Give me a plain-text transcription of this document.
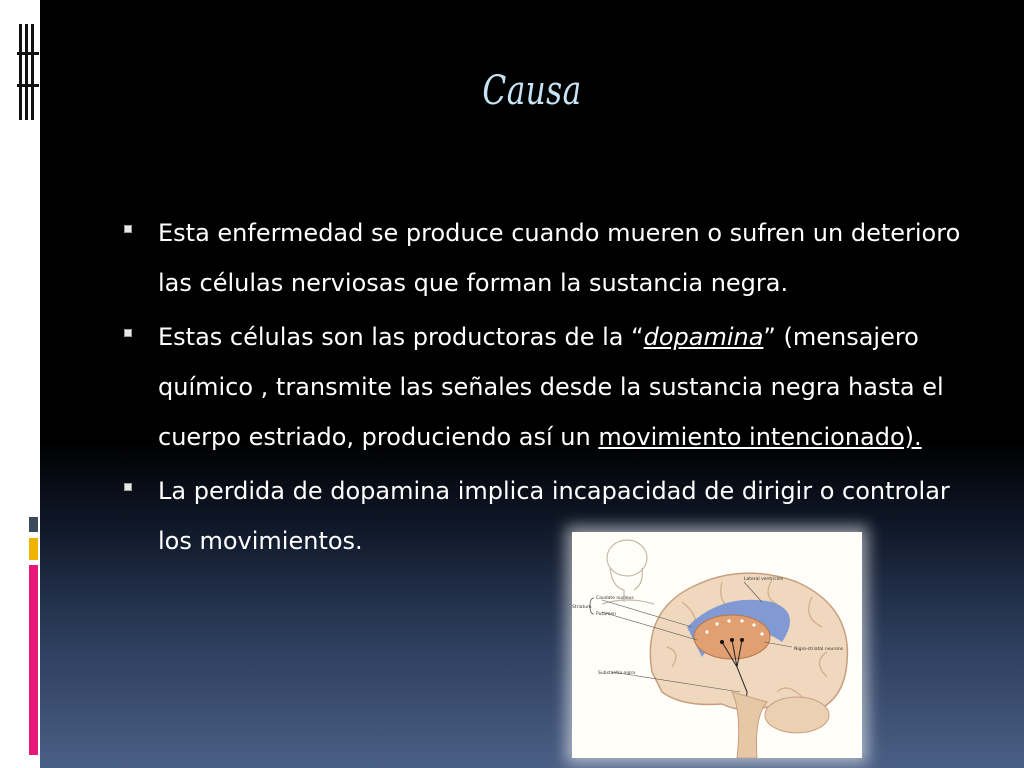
Causa
Esta enfermedad se produce cuando mueren o sufren un deterioro las células nerviosas que forman la sustancia negra.
Estas células son las productoras de la “dopamina” (mensajero químico , transmite las señales desde la sustancia negra hasta el cuerpo estriado, produciendo así un movimiento intencionado).
La perdida de dopamina implica incapacidad de dirigir o controlar los movimientos.
Lateral ventricles
Caudate nucleus
Striatum
Putamen
Nigro-striatal neurons
Substantia nigra
